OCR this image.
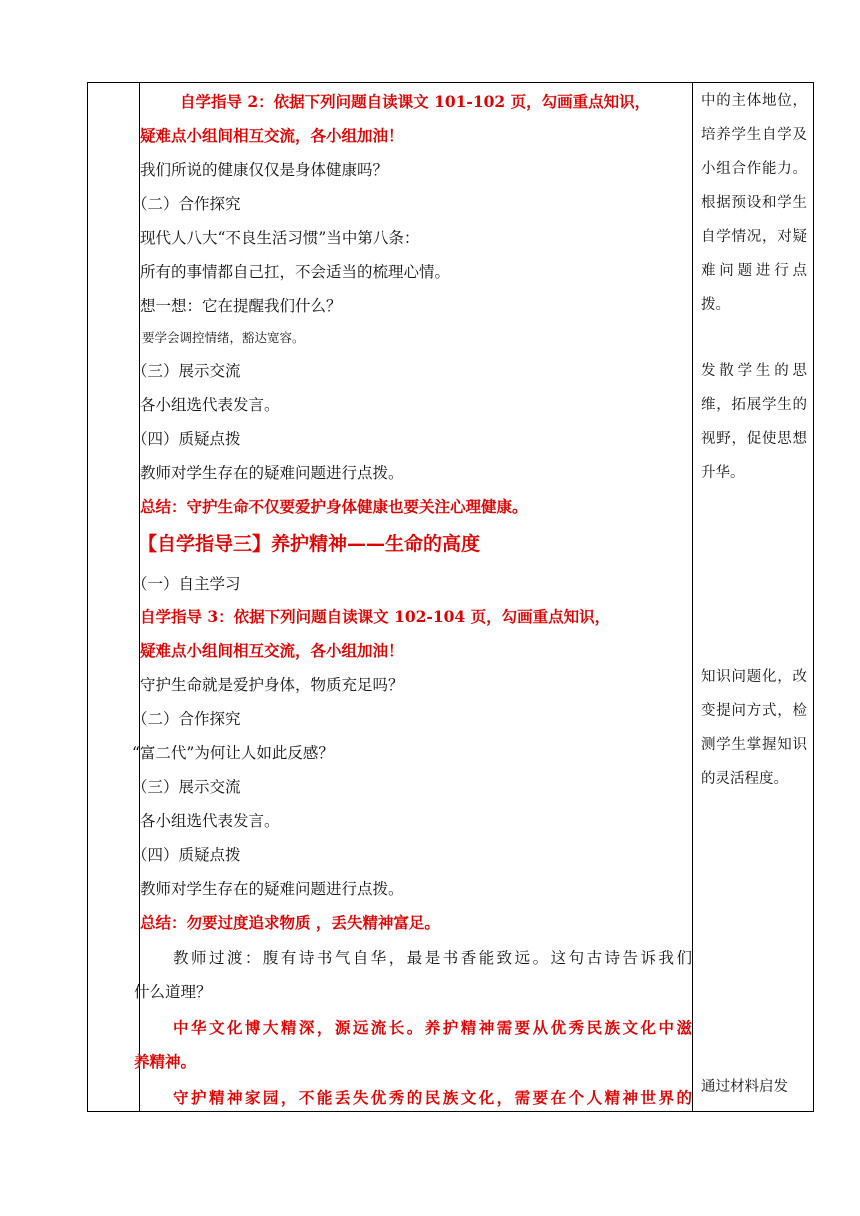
自学指导 2：依据下列问题自读课文 101-102 页，勾画重点知识，
疑难点小组间相互交流，各小组加油！
我们所说的健康仅仅是身体健康吗？
（二）合作探究
现代人八大“不良生活习惯”当中第八条：
所有的事情都自己扛，不会适当的梳理心情。
想一想：它在提醒我们什么？
要学会调控情绪，豁达宽容。
（三）展示交流
各小组选代表发言。
（四）质疑点拨
教师对学生存在的疑难问题进行点拨。
总结：守护生命不仅要爱护身体健康也要关注心理健康。
【自学指导三】养护精神——生命的高度
（一）自主学习
自学指导 3：依据下列问题自读课文 102-104 页，勾画重点知识，
疑难点小组间相互交流，各小组加油！
守护生命就是爱护身体，物质充足吗？
（二）合作探究
“富二代”为何让人如此反感？
（三）展示交流
各小组选代表发言。
（四）质疑点拨
教师对学生存在的疑难问题进行点拨。
总结：勿要过度追求物质 ，丢失精神富足。
教师过渡：腹有诗书气自华，最是书香能致远。这句古诗告诉我们
什么道理？
中华文化博大精深，源远流长。养护精神需要从优秀民族文化中滋
养精神。
守护精神家园，不能丢失优秀的民族文化，需要在个人精神世界的
中的主体地位，
培养学生自学及
小组合作能力。
根据预设和学生
自学情况，对疑
难问题进行点
拨。
发散学生的思
维，拓展学生的
视野，促使思想
升华。
知识问题化，改
变提问方式，检
测学生掌握知识
的灵活程度。
通过材料启发
